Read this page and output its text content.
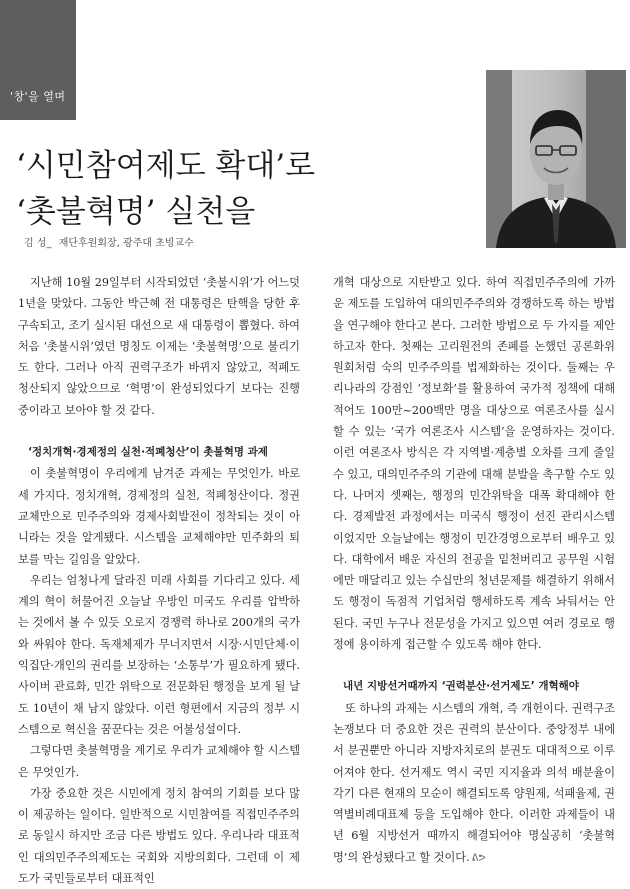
'창'을 열며
‘시민참여제도 확대’로
‘촛불혁명’ 실천을
김 성_ 재단후원회장, 광주대 초빙교수

지난해 10월 29일부터 시작되었던 ‘촛불시위’가 어느덧 1년을 맞았다. 그동안 박근혜 전 대통령은 탄핵을 당한 후 구속되고, 조기 실시된 대선으로 새 대통령이 뽑혔다. 하여 처음 ‘촛불시위’였던 명칭도 이제는 ‘촛불혁명’으로 불리기도 한다. 그러나 아직 권력구조가 바뀌지 않았고, 적폐도 청산되지 않았으므로 ‘혁명’이 완성되었다기 보다는 진행 중이라고 보아야 할 것 같다.

‘정치개혁·경제정의 실천·적폐청산’이 촛불혁명 과제

이 촛불혁명이 우리에게 남겨준 과제는 무엇인가. 바로 세 가지다. 정치개혁, 경제정의 실천, 적폐청산이다. 정권교체만으로 민주주의와 경제사회발전이 정착되는 것이 아니라는 것을 알게됐다. 시스템을 교체해야만 민주화의 퇴보를 막는 길임을 알았다.

우리는 엄청나게 달라진 미래 사회를 기다리고 있다. 세계의 혁이 허물어진 오늘날 우방인 미국도 우리를 압박하는 것에서 볼 수 있듯 오로지 경쟁력 하나로 200개의 국가와 싸워야 한다. 독재체제가 무너지면서 시장·시민단체·이익집단·개인의 권리를 보장하는 ‘소통부’가 필요하게 됐다. 사이버 관료화, 민간 위탁으로 전문화된 행정을 보게 될 날도 10년이 채 남지 않았다. 이런 형편에서 지금의 정부 시스템으로 혁신을 꿈꾼다는 것은 어불성설이다.

그렇다면 촛불혁명을 계기로 우리가 교체해야 할 시스템은 무엇인가.

가장 중요한 것은 시민에게 정치 참여의 기회를 보다 많이 제공하는 일이다. 일반적으로 시민참여를 직접민주주의로 동일시 하지만 조금 다른 방법도 있다. 우리나라 대표적인 대의민주주의제도는 국회와 지방의회다. 그런데 이 제도가 국민들로부터 대표적인

개혁 대상으로 지탄받고 있다. 하여 직접민주주의에 가까운 제도를 도입하여 대의민주주의와 경쟁하도록 하는 방법을 연구해야 한다고 본다. 그러한 방법으로 두 가지를 제안하고자 한다. 첫째는 고리원전의 존폐를 논했던 공론화위원회처럼 숙의 민주주의를 법제화하는 것이다. 둘째는 우리나라의 강점인 ‘정보화’를 활용하여 국가적 정책에 대해 적어도 100만~200백만 명을 대상으로 여론조사를 실시할 수 있는 ‘국가 여론조사 시스템’을 운영하자는 것이다. 이런 여론조사 방식은 각 지역별·계층별 오차를 크게 줄일 수 있고, 대의민주주의 기관에 대해 분발을 촉구할 수도 있다. 나머지 셋째는, 행정의 민간위탁을 대폭 확대해야 한다. 경제발전 과정에서는 미국식 행정이 선진 관리시스템이었지만 오늘날에는 행정이 민간경영으로부터 배우고 있다. 대학에서 배운 자신의 전공을 밑천버리고 공무원 시험에만 매달리고 있는 수십만의 청년문제를 해결하기 위해서도 행정이 독점적 기업처럼 행세하도록 계속 놔둬서는 안된다. 국민 누구나 전문성을 가지고 있으면 여러 경로로 행정에 용이하게 접근할 수 있도록 해야 한다.

내년 지방선거때까지 ‘권력분산·선거제도’ 개혁해야

또 하나의 과제는 시스템의 개혁, 즉 개헌이다. 권력구조 논쟁보다 더 중요한 것은 권력의 분산이다. 중앙정부 내에서 분권뿐만 아니라 지방자치로의 분권도 대대적으로 이루어져야 한다. 선거제도 역시 국민 지지율과 의석 배분율이 각기 다른 현재의 모순이 해결되도록 양원제, 석패율제, 권역별비례대표제 등을 도입해야 한다. 이러한 과제들이 내년 6월 지방선거 때까지 해결되어야 명실공히 ‘촛불혁명’의 완성됐다고 할 것이다. ᕕᕗ
